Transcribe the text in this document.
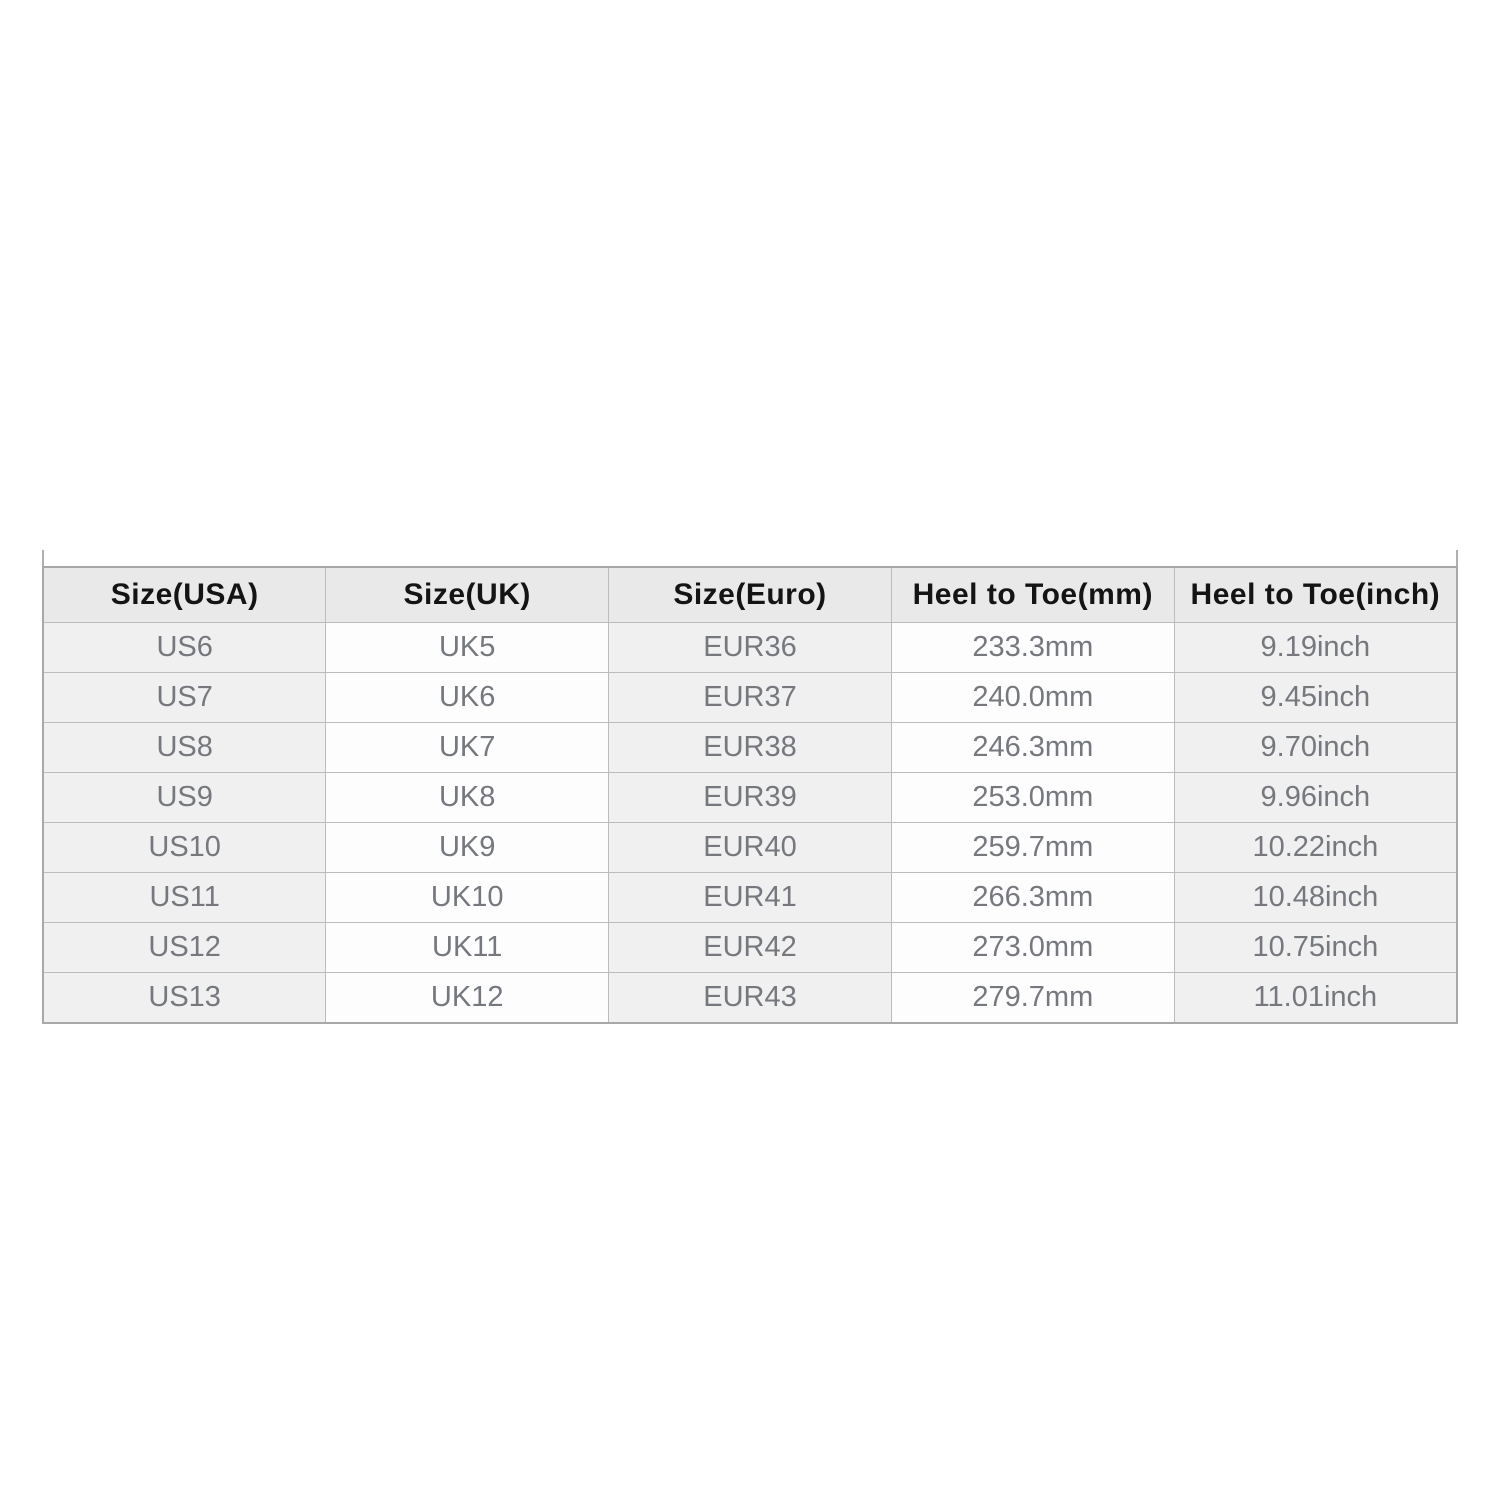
Size(USA)	Size(UK)	Size(Euro)	Heel to Toe(mm)	Heel to Toe(inch)
US6	UK5	EUR36	233.3mm	9.19inch
US7	UK6	EUR37	240.0mm	9.45inch
US8	UK7	EUR38	246.3mm	9.70inch
US9	UK8	EUR39	253.0mm	9.96inch
US10	UK9	EUR40	259.7mm	10.22inch
US11	UK10	EUR41	266.3mm	10.48inch
US12	UK11	EUR42	273.0mm	10.75inch
US13	UK12	EUR43	279.7mm	11.01inch
